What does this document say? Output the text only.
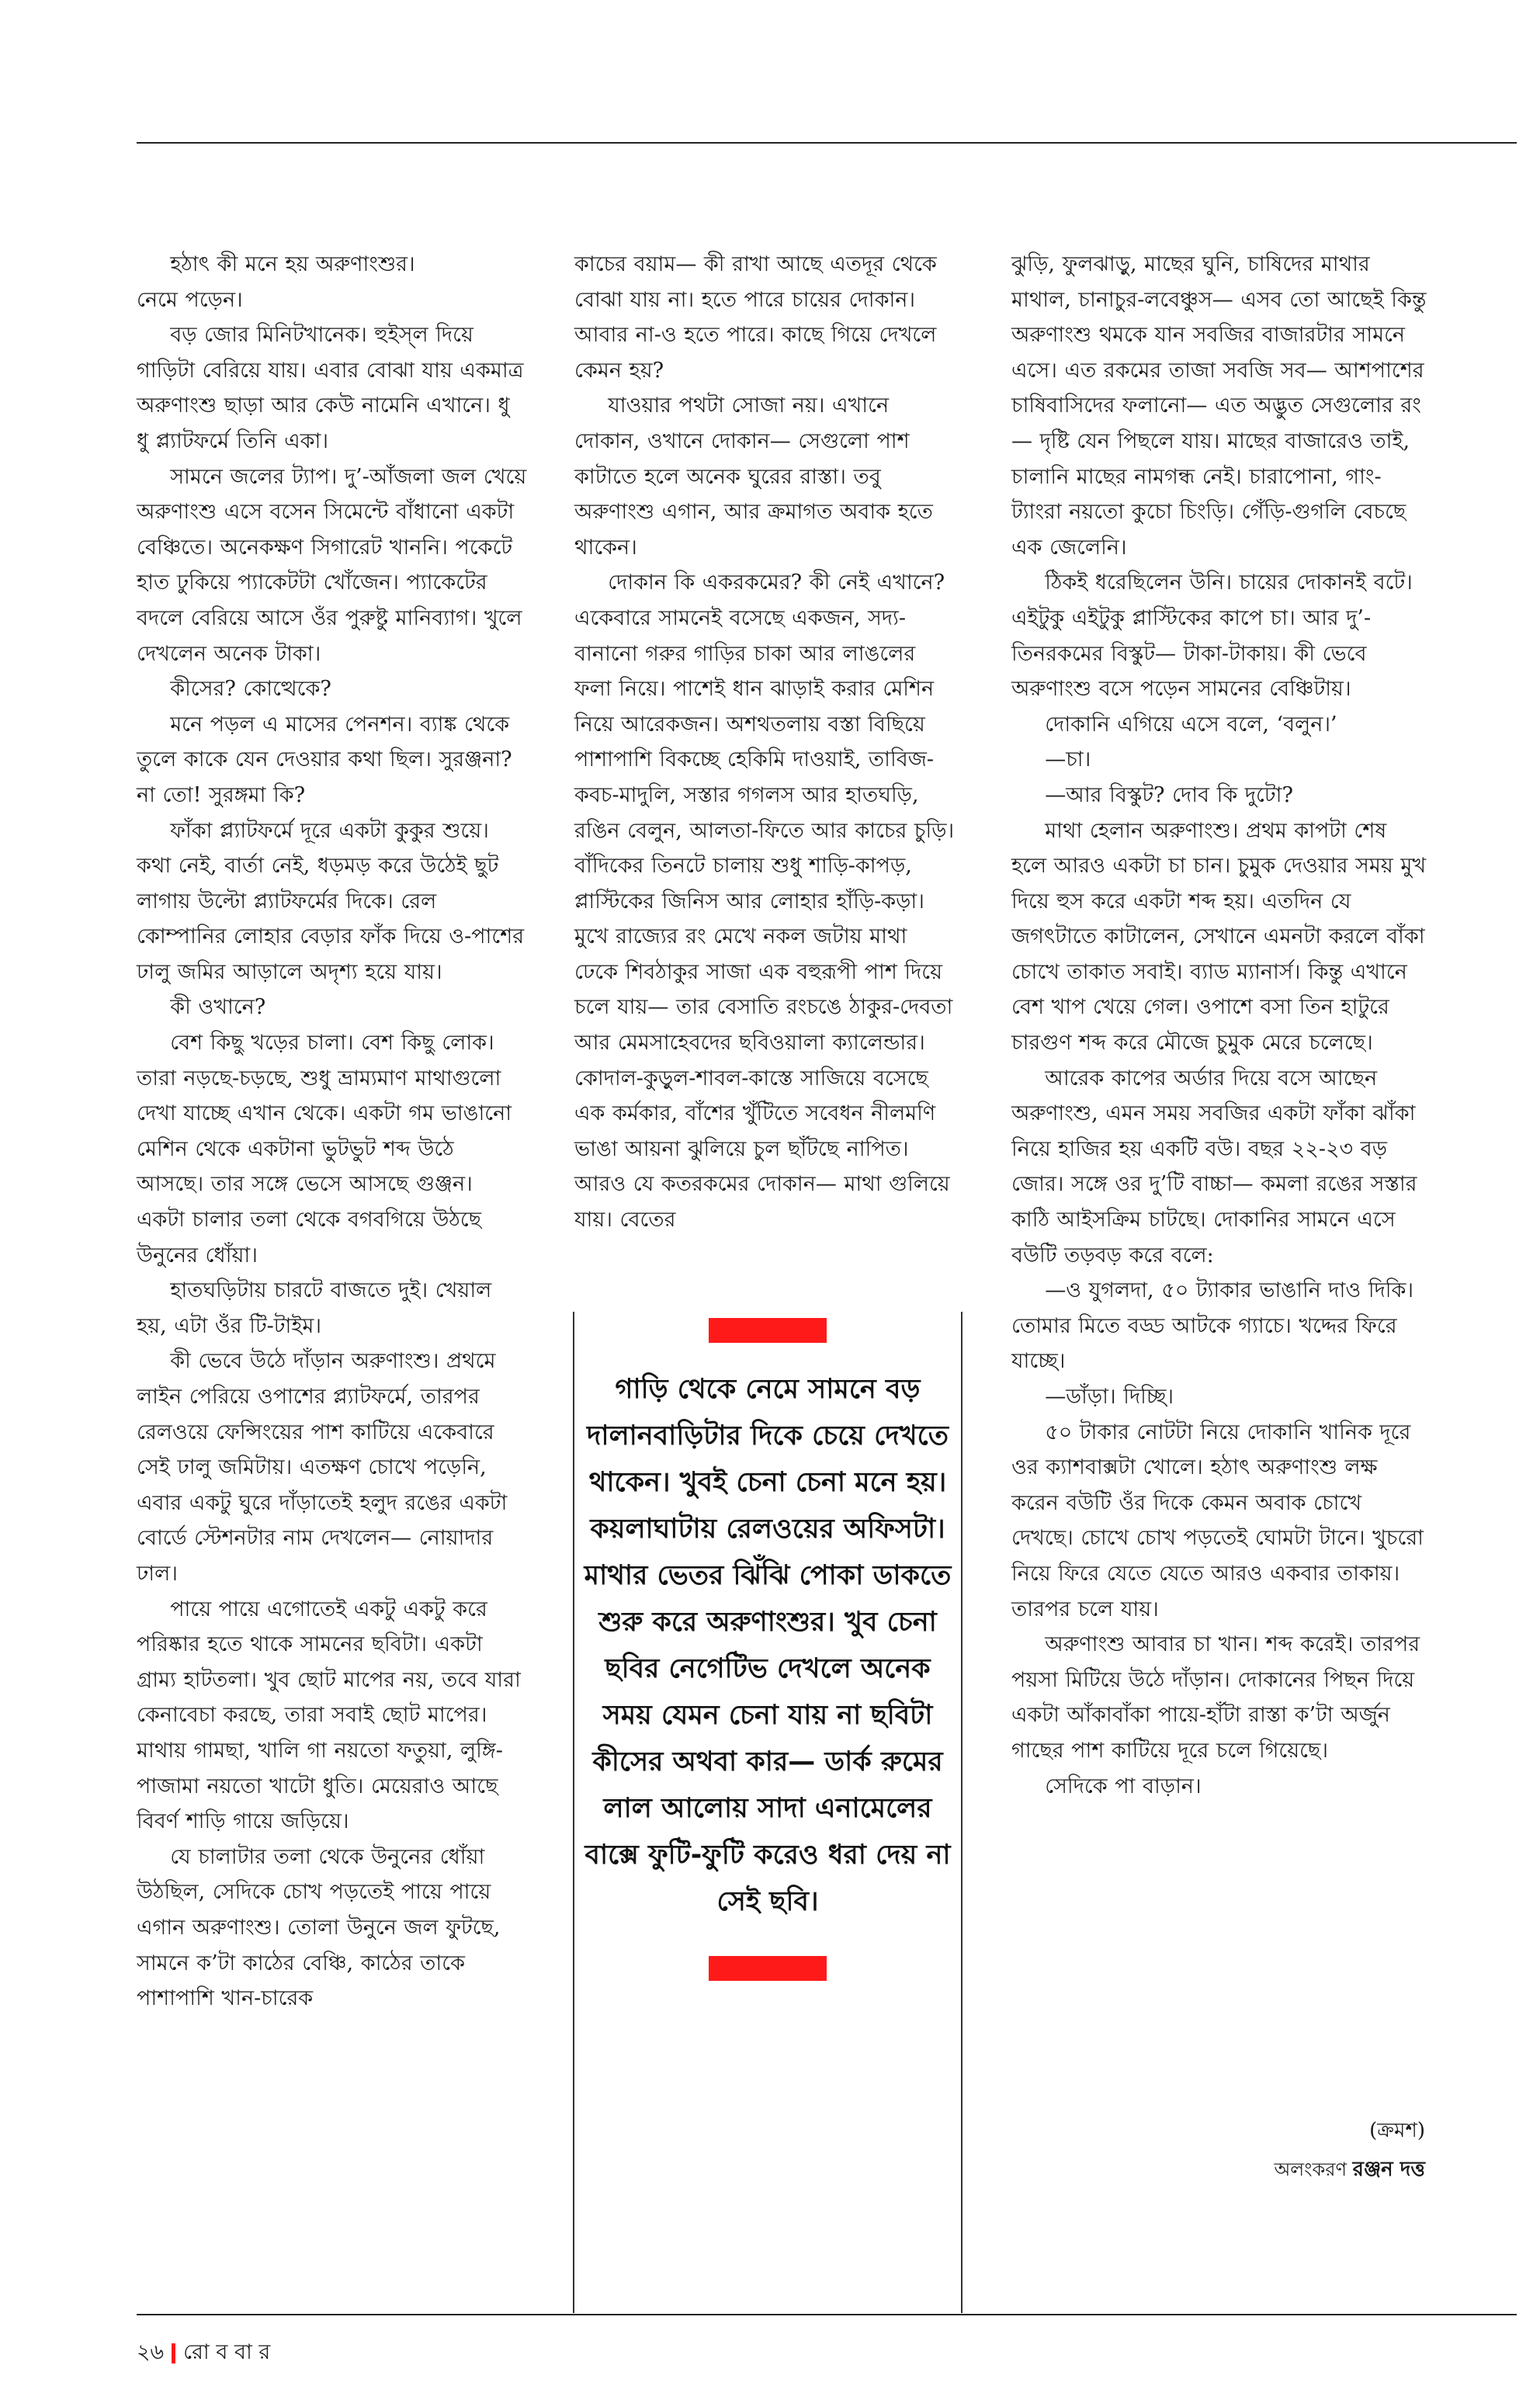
হঠাৎ কী মনে হয় অরুণাংশুর।

নেমে পড়েন।

বড় জোর মিনিটখানেক। হুইস্‌ল দিয়ে গাড়িটা বেরিয়ে যায়। এবার বোঝা যায় একমাত্র অরুণাংশু ছাড়া আর কেউ নামেনি এখানে। ধু ধু প্ল্যাটফর্মে তিনি একা।

সামনে জলের ট্যাপ। দু’-আঁজলা জল খেয়ে অরুণাংশু এসে বসেন সিমেন্টে বাঁধানো একটা বেঞ্চিতে। অনেকক্ষণ সিগারেট খাননি। পকেটে হাত ঢুকিয়ে প্যাকেটটা খোঁজেন। প্যাকেটের বদলে বেরিয়ে আসে ওঁর পুরুষ্টু মানিব্যাগ। খুলে দেখলেন অনেক টাকা।

কীসের? কোত্থেকে?

মনে পড়ল এ মাসের পেনশন। ব্যাঙ্ক থেকে তুলে কাকে যেন দেওয়ার কথা ছিল। সুরঞ্জনা? না তো! সুরঙ্গমা কি?

ফাঁকা প্ল্যাটফর্মে দূরে একটা কুকুর শুয়ে। কথা নেই, বার্তা নেই, ধড়মড় করে উঠেই ছুট লাগায় উল্টো প্ল্যাটফর্মের দিকে। রেল কোম্পানির লোহার বেড়ার ফাঁক দিয়ে ও-পাশের ঢালু জমির আড়ালে অদৃশ্য হয়ে যায়।

কী ওখানে?

বেশ কিছু খড়ের চালা। বেশ কিছু লোক। তারা নড়ছে-চড়ছে, শুধু ভ্রাম্যমাণ মাথাগুলো দেখা যাচ্ছে এখান থেকে। একটা গম ভাঙানো মেশিন থেকে একটানা ভুটভুট শব্দ উঠে আসছে। তার সঙ্গে ভেসে আসছে গুঞ্জন। একটা চালার তলা থেকে বগবগিয়ে উঠছে উনুনের ধোঁয়া।

হাতঘড়িটায় চারটে বাজতে দুই। খেয়াল হয়, এটা ওঁর টি-টাইম।

কী ভেবে উঠে দাঁড়ান অরুণাংশু। প্রথমে লাইন পেরিয়ে ওপাশের প্ল্যাটফর্মে, তারপর রেলওয়ে ফেন্সিংয়ের পাশ কাটিয়ে একেবারে সেই ঢালু জমিটায়। এতক্ষণ চোখে পড়েনি, এবার একটু ঘুরে দাঁড়াতেই হলুদ রঙের একটা বোর্ডে স্টেশনটার নাম দেখলেন— নোয়াদার ঢাল।

পায়ে পায়ে এগোতেই একটু একটু করে পরিষ্কার হতে থাকে সামনের ছবিটা। একটা গ্রাম্য হাটতলা। খুব ছোট মাপের নয়, তবে যারা কেনাবেচা করছে, তারা সবাই ছোট মাপের। মাথায় গামছা, খালি গা নয়তো ফতুয়া, লুঙ্গি-পাজামা নয়তো খাটো ধুতি। মেয়েরাও আছে বিবর্ণ শাড়ি গায়ে জড়িয়ে।

যে চালাটার তলা থেকে উনুনের ধোঁয়া উঠছিল, সেদিকে চোখ পড়তেই পায়ে পায়ে এগান অরুণাংশু। তোলা উনুনে জল ফুটছে, সামনে ক’টা কাঠের বেঞ্চি, কাঠের তাকে পাশাপাশি খান-চারেক

কাচের বয়াম— কী রাখা আছে এতদূর থেকে বোঝা যায় না। হতে পারে চায়ের দোকান। আবার না-ও হতে পারে। কাছে গিয়ে দেখলে কেমন হয়?

যাওয়ার পথটা সোজা নয়। এখানে দোকান, ওখানে দোকান— সেগুলো পাশ কাটাতে হলে অনেক ঘুরের রাস্তা। তবু অরুণাংশু এগান, আর ক্রমাগত অবাক হতে থাকেন।

দোকান কি একরকমের? কী নেই এখানে? একেবারে সামনেই বসেছে একজন, সদ্য-বানানো গরুর গাড়ির চাকা আর লাঙলের ফলা নিয়ে। পাশেই ধান ঝাড়াই করার মেশিন নিয়ে আরেকজন। অশথতলায় বস্তা বিছিয়ে পাশাপাশি বিকচ্ছে হেকিমি দাওয়াই, তাবিজ-কবচ-মাদুলি, সস্তার গগলস আর হাতঘড়ি, রঙিন বেলুন, আলতা-ফিতে আর কাচের চুড়ি। বাঁদিকের তিনটে চালায় শুধু শাড়ি-কাপড়, প্লাস্টিকের জিনিস আর লোহার হাঁড়ি-কড়া। মুখে রাজ্যের রং মেখে নকল জটায় মাথা ঢেকে শিবঠাকুর সাজা এক বহুরূপী পাশ দিয়ে চলে যায়— তার বেসাতি রংচঙে ঠাকুর-দেবতা আর মেমসাহেবদের ছবিওয়ালা ক্যালেন্ডার। কোদাল-কুড়ুল-শাবল-কাস্তে সাজিয়ে বসেছে এক কর্মকার, বাঁশের খুঁটিতে সবেধন নীলমণি ভাঙা আয়না ঝুলিয়ে চুল ছাঁটছে নাপিত। আরও যে কতরকমের দোকান— মাথা গুলিয়ে যায়। বেতের

গাড়ি থেকে নেমে সামনে বড় দালানবাড়িটার দিকে চেয়ে দেখতে থাকেন। খুবই চেনা চেনা মনে হয়। কয়লাঘাটায় রেলওয়ের অফিসটা। মাথার ভেতর ঝিঁঝি পোকা ডাকতে শুরু করে অরুণাংশুর। খুব চেনা ছবির নেগেটিভ দেখলে অনেক সময় যেমন চেনা যায় না ছবিটা কীসের অথবা কার— ডার্ক রুমের লাল আলোয় সাদা এনামেলের বাক্সে ফুটি-ফুটি করেও ধরা দেয় না সেই ছবি।

ঝুড়ি, ফুলঝাড়ু, মাছের ঘুনি, চাষিদের মাথার মাথাল, চানাচুর-লবেঞ্চুস— এসব তো আছেই কিন্তু অরুণাংশু থমকে যান সবজির বাজারটার সামনে এসে। এত রকমের তাজা সবজি সব— আশপাশের চাষিবাসিদের ফলানো— এত অদ্ভুত সেগুলোর রং— দৃষ্টি যেন পিছলে যায়। মাছের বাজারেও তাই, চালানি মাছের নামগন্ধ নেই। চারাপোনা, গাং-ট্যাংরা নয়তো কুচো চিংড়ি। গেঁড়ি-গুগলি বেচছে এক জেলেনি।

ঠিকই ধরেছিলেন উনি। চায়ের দোকানই বটে। এইটুকু এইটুকু প্লাস্টিকের কাপে চা। আর দু’-তিনরকমের বিস্কুট— টাকা-টাকায়। কী ভেবে অরুণাংশু বসে পড়েন সামনের বেঞ্চিটায়।

দোকানি এগিয়ে এসে বলে, ‘বলুন।’

—চা।

—আর বিস্কুট? দোব কি দুটো?

মাথা হেলান অরুণাংশু। প্রথম কাপটা শেষ হলে আরও একটা চা চান। চুমুক দেওয়ার সময় মুখ দিয়ে হুস করে একটা শব্দ হয়। এতদিন যে জগৎটাতে কাটালেন, সেখানে এমনটা করলে বাঁকা চোখে তাকাত সবাই। ব্যাড ম্যানার্স। কিন্তু এখানে বেশ খাপ খেয়ে গেল। ওপাশে বসা তিন হাটুরে চারগুণ শব্দ করে মৌজে চুমুক মেরে চলেছে।

আরেক কাপের অর্ডার দিয়ে বসে আছেন অরুণাংশু, এমন সময় সবজির একটা ফাঁকা ঝাঁকা নিয়ে হাজির হয় একটি বউ। বছর ২২-২৩ বড় জোর। সঙ্গে ওর দু’টি বাচ্চা— কমলা রঙের সস্তার কাঠি আইসক্রিম চাটছে। দোকানির সামনে এসে বউটি তড়বড় করে বলে:

—ও যুগলদা, ৫০ ট্যাকার ভাঙানি দাও দিকি। তোমার মিতে বড্ড আটকে গ্যাচে। খদ্দের ফিরে যাচ্ছে।

—ডাঁড়া। দিচ্ছি।

৫০ টাকার নোটটা নিয়ে দোকানি খানিক দূরে ওর ক্যাশবাক্সটা খোলে। হঠাৎ অরুণাংশু লক্ষ করেন বউটি ওঁর দিকে কেমন অবাক চোখে দেখছে। চোখে চোখ পড়তেই ঘোমটা টানে। খুচরো নিয়ে ফিরে যেতে যেতে আরও একবার তাকায়। তারপর চলে যায়।

অরুণাংশু আবার চা খান। শব্দ করেই। তারপর পয়সা মিটিয়ে উঠে দাঁড়ান। দোকানের পিছন দিয়ে একটা আঁকাবাঁকা পায়ে-হাঁটা রাস্তা ক’টা অর্জুন গাছের পাশ কাটিয়ে দূরে চলে গিয়েছে।

সেদিকে পা বাড়ান।

(ক্রমশ)
অলংকরণ রঞ্জন দত্ত
২৬ রো ব বা র
